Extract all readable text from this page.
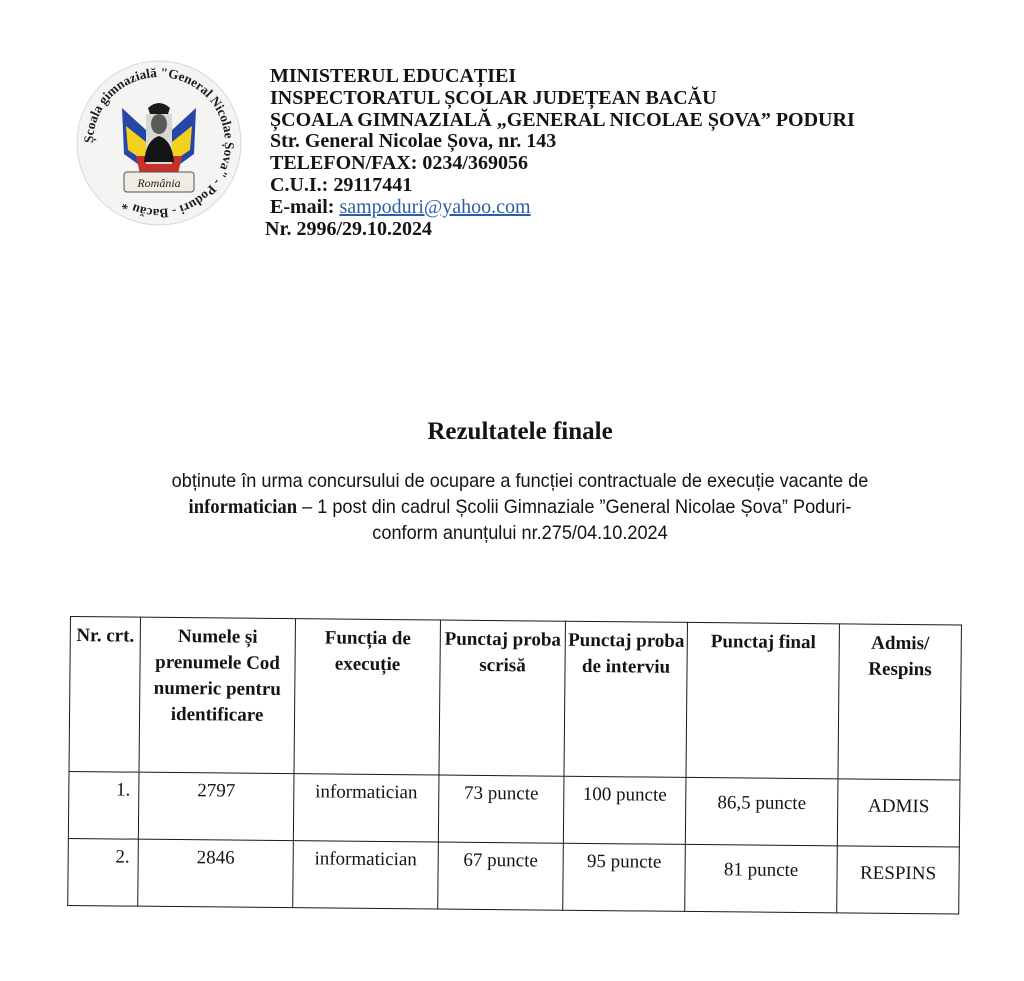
Școala gimnazială "General Nicolae Șova" - Poduri - Bacău *
România
MINISTERUL EDUCAȚIEI
INSPECTORATUL ȘCOLAR JUDEȚEAN BACĂU
ȘCOALA GIMNAZIALĂ „GENERAL NICOLAE ȘOVA” PODURI
Str. General Nicolae Șova, nr. 143
TELEFON/FAX: 0234/369056
C.U.I.: 29117441
E-mail: sampoduri@yahoo.com
Nr. 2996/29.10.2024
Rezultatele finale
obținute în urma concursului de ocupare a funcției contractuale de execuție vacante de
informatician – 1 post din cadrul Școlii Gimnaziale ”General Nicolae Șova” Poduri-
conform anunțului nr.275/04.10.2024
Nr. crt.	Numele și prenumele Cod numeric pentru identificare	Funcția de execuție	Punctaj proba scrisă	Punctaj proba de interviu	Punctaj final	Admis/ Respins
1.	2797	informatician	73 puncte	100 puncte	86,5 puncte	ADMIS
2.	2846	informatician	67 puncte	95 puncte	81 puncte	RESPINS
